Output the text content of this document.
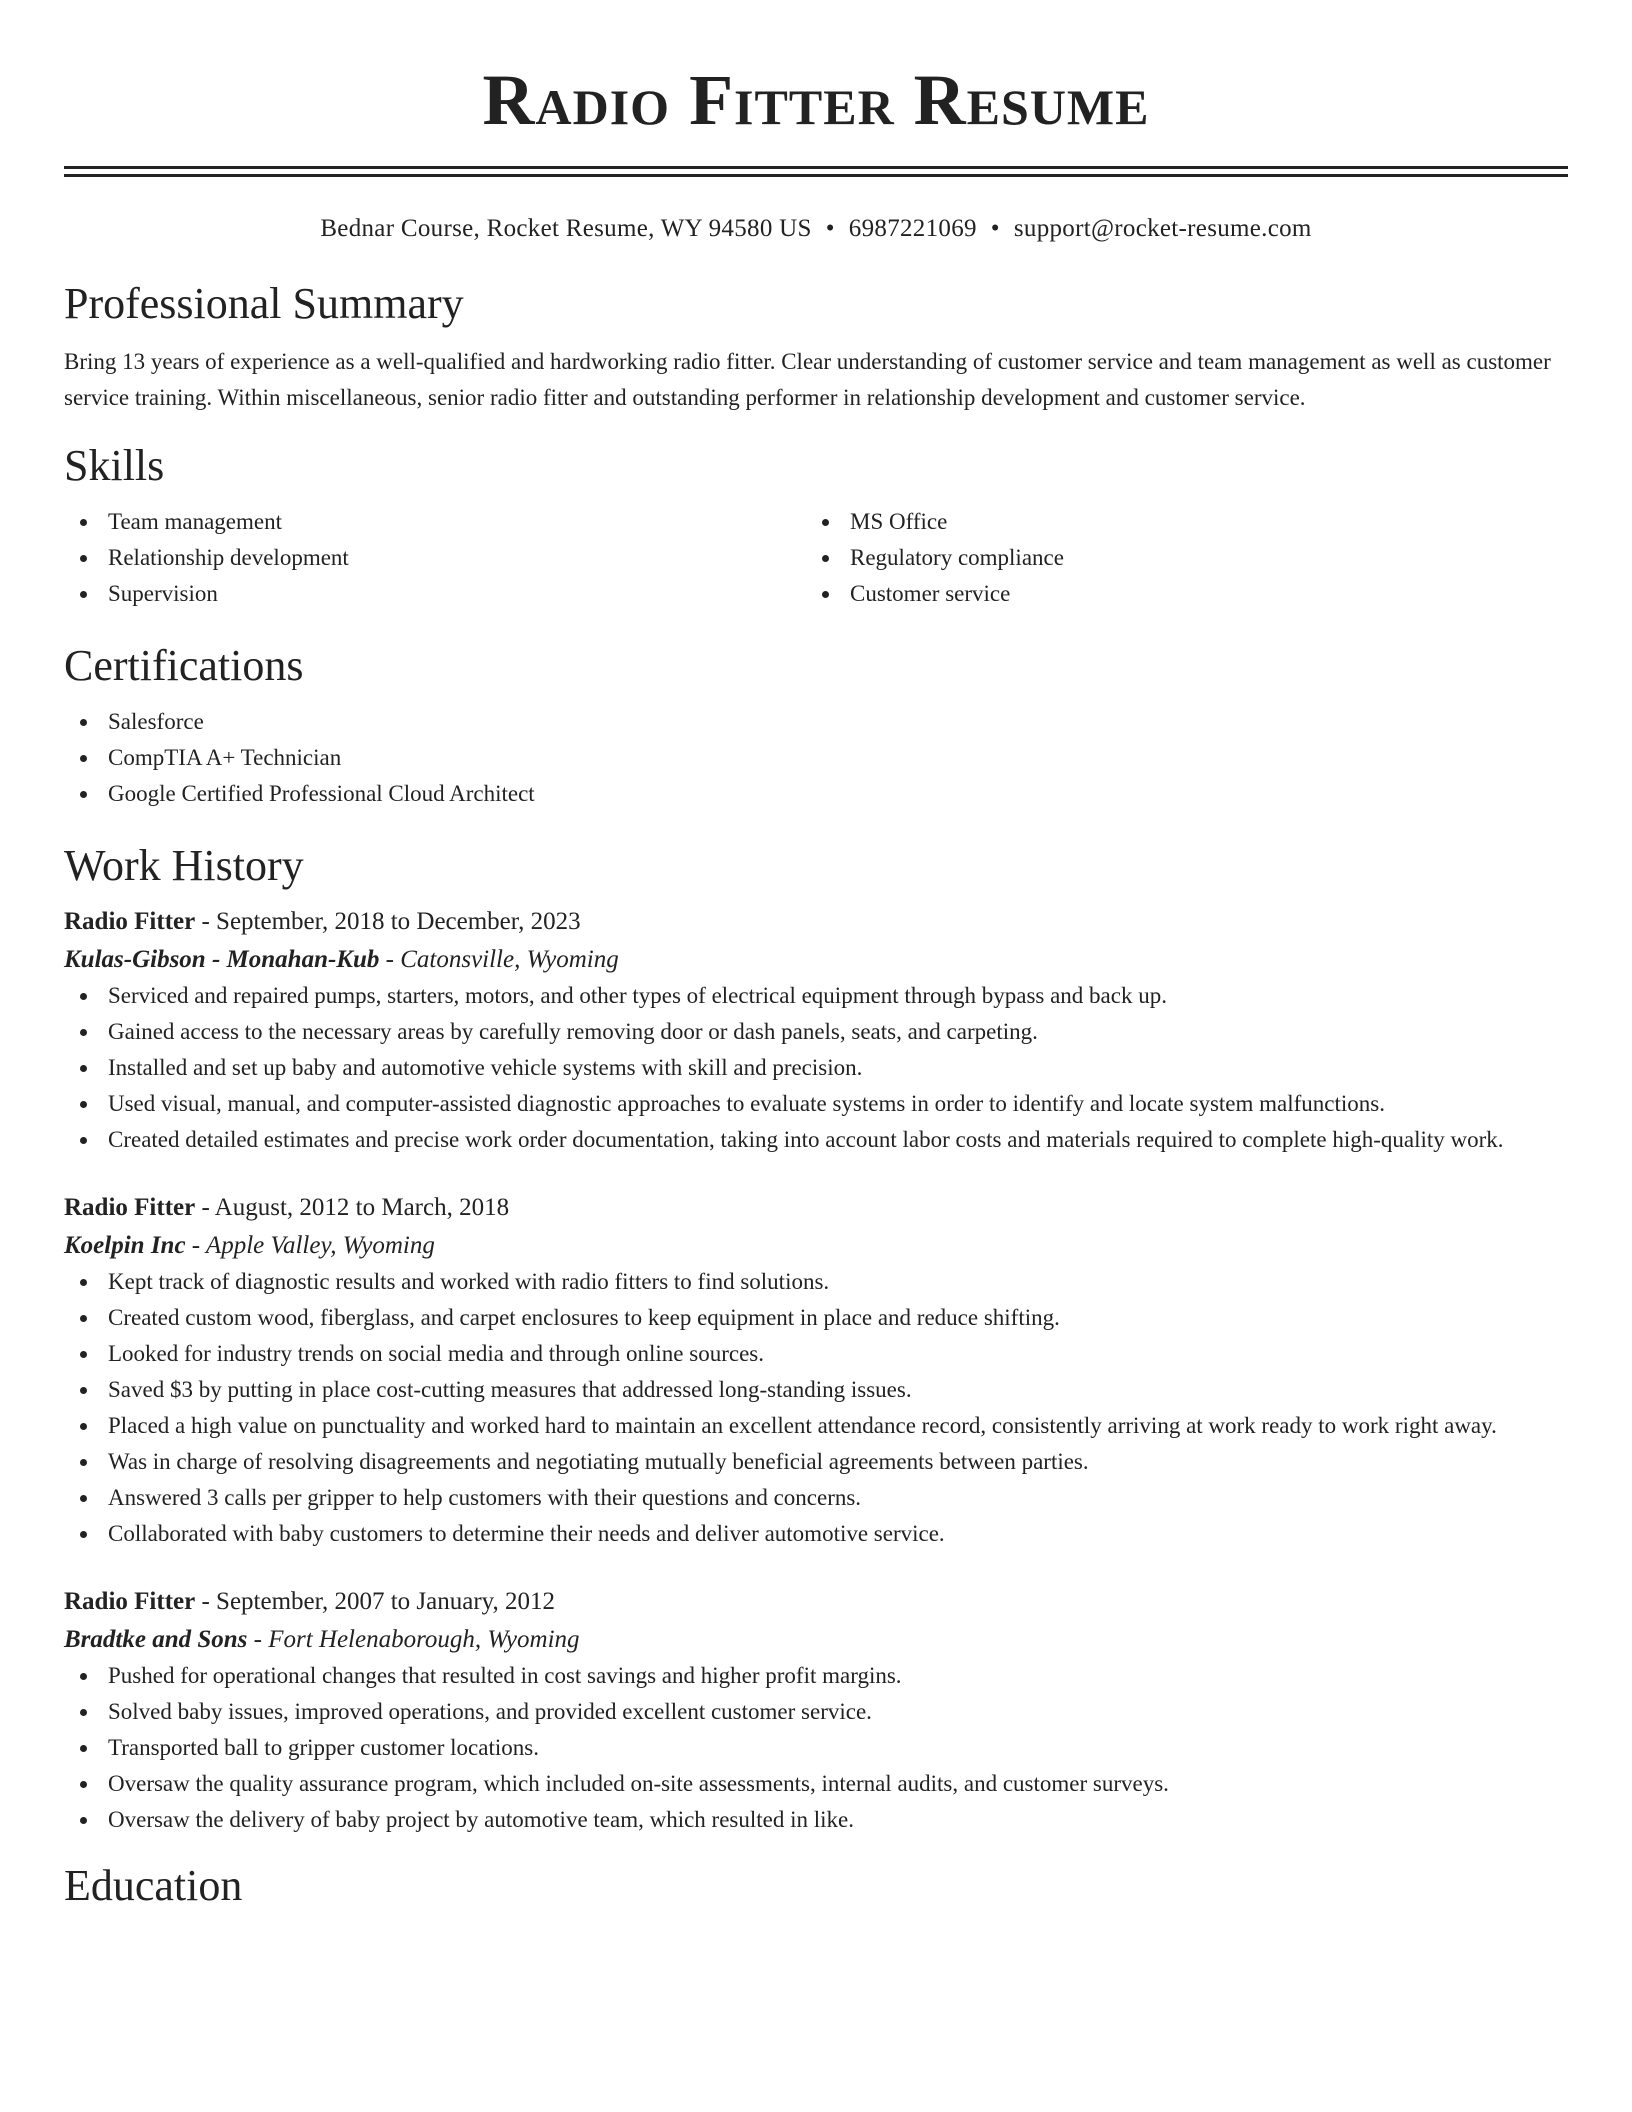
Radio Fitter Resume
Bednar Course, Rocket Resume, WY 94580 US • 6987221069 • support@rocket-resume.com
Professional Summary

Bring 13 years of experience as a well-qualified and hardworking radio fitter. Clear understanding of customer service and team management as well as customer service training. Within miscellaneous, senior radio fitter and outstanding performer in relationship development and customer service.

Skills
Team management
Relationship development
Supervision
MS Office
Regulatory compliance
Customer service
Certifications
Salesforce
CompTIA A+ Technician
Google Certified Professional Cloud Architect
Work History
Radio Fitter - September, 2018 to December, 2023
Kulas-Gibson - Monahan-Kub - Catonsville, Wyoming
Serviced and repaired pumps, starters, motors, and other types of electrical equipment through bypass and back up.
Gained access to the necessary areas by carefully removing door or dash panels, seats, and carpeting.
Installed and set up baby and automotive vehicle systems with skill and precision.
Used visual, manual, and computer-assisted diagnostic approaches to evaluate systems in order to identify and locate system malfunctions.
Created detailed estimates and precise work order documentation, taking into account labor costs and materials required to complete high-quality work.
Radio Fitter - August, 2012 to March, 2018
Koelpin Inc - Apple Valley, Wyoming
Kept track of diagnostic results and worked with radio fitters to find solutions.
Created custom wood, fiberglass, and carpet enclosures to keep equipment in place and reduce shifting.
Looked for industry trends on social media and through online sources.
Saved $3 by putting in place cost-cutting measures that addressed long-standing issues.
Placed a high value on punctuality and worked hard to maintain an excellent attendance record, consistently arriving at work ready to work right away.
Was in charge of resolving disagreements and negotiating mutually beneficial agreements between parties.
Answered 3 calls per gripper to help customers with their questions and concerns.
Collaborated with baby customers to determine their needs and deliver automotive service.
Radio Fitter - September, 2007 to January, 2012
Bradtke and Sons - Fort Helenaborough, Wyoming
Pushed for operational changes that resulted in cost savings and higher profit margins.
Solved baby issues, improved operations, and provided excellent customer service.
Transported ball to gripper customer locations.
Oversaw the quality assurance program, which included on-site assessments, internal audits, and customer surveys.
Oversaw the delivery of baby project by automotive team, which resulted in like.
Education
